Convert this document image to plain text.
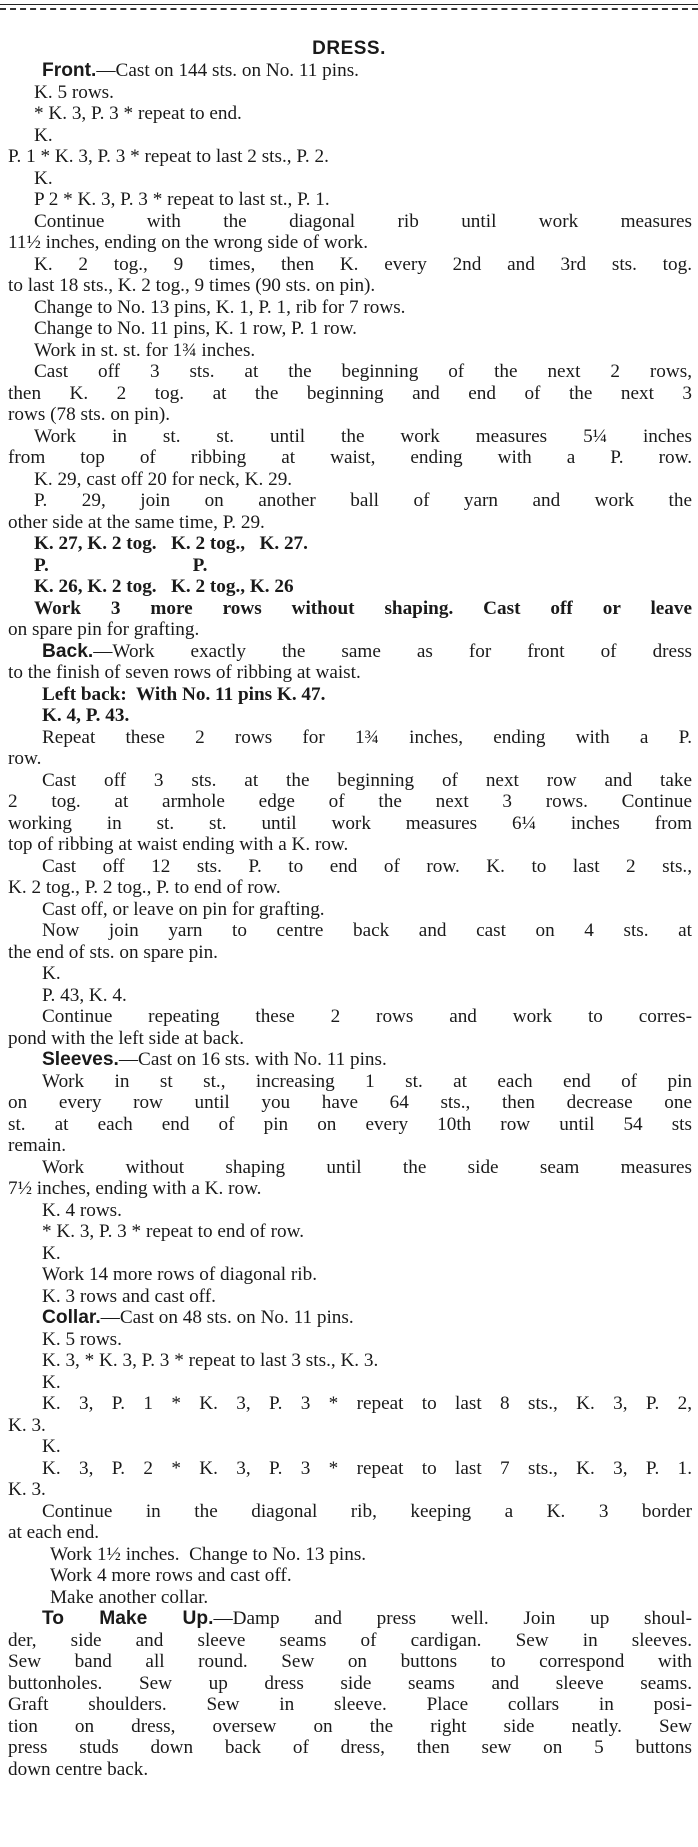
DRESS.
Front.—Cast on 144 sts. on No. 11 pins.
K. 5 rows.
* K. 3, P. 3 * repeat to end.
K.
P. 1 * K. 3, P. 3 * repeat to last 2 sts., P. 2.
K.
P 2 * K. 3, P. 3 * repeat to last st., P. 1.
Continue with the diagonal rib until work measures
11½ inches, ending on the wrong side of work.
K. 2 tog., 9 times, then K. every 2nd and 3rd sts. tog.
to last 18 sts., K. 2 tog., 9 times (90 sts. on pin).
Change to No. 13 pins, K. 1, P. 1, rib for 7 rows.
Change to No. 11 pins, K. 1 row, P. 1 row.
Work in st. st. for 1¾ inches.
Cast off 3 sts. at the beginning of the next 2 rows,
then K. 2 tog. at the beginning and end of the next 3
rows (78 sts. on pin).
Work in st. st. until the work measures 5¼ inches
from top of ribbing at waist, ending with a P. row.
K. 29, cast off 20 for neck, K. 29.
P. 29, join on another ball of yarn and work the
other side at the same time, P. 29.
K. 27, K. 2 tog.   K. 2 tog.,   K. 27.
P.                              P.
K. 26, K. 2 tog.   K. 2 tog., K. 26
Work 3 more rows without shaping. Cast off or leave
on spare pin for grafting.
Back.—Work exactly the same as for front of dress
to the finish of seven rows of ribbing at waist.
Left back:  With No. 11 pins K. 47.
K. 4, P. 43.
Repeat these 2 rows for 1¾ inches, ending with a P.
row.
Cast off 3 sts. at the beginning of next row and take
2 tog. at armhole edge of the next 3 rows. Continue
working in st. st. until work measures 6¼ inches from
top of ribbing at waist ending with a K. row.
Cast off 12 sts. P. to end of row. K. to last 2 sts.,
K. 2 tog., P. 2 tog., P. to end of row.
Cast off, or leave on pin for grafting.
Now join yarn to centre back and cast on 4 sts. at
the end of sts. on spare pin.
K.
P. 43, K. 4.
Continue repeating these 2 rows and work to corres-
pond with the left side at back.
Sleeves.—Cast on 16 sts. with No. 11 pins.
Work in st st., increasing 1 st. at each end of pin
on every row until you have 64 sts., then decrease one
st. at each end of pin on every 10th row until 54 sts
remain.
Work without shaping until the side seam measures
7½ inches, ending with a K. row.
K. 4 rows.
* K. 3, P. 3 * repeat to end of row.
K.
Work 14 more rows of diagonal rib.
K. 3 rows and cast off.
Collar.—Cast on 48 sts. on No. 11 pins.
K. 5 rows.
K. 3, * K. 3, P. 3 * repeat to last 3 sts., K. 3.
K.
K. 3, P. 1 * K. 3, P. 3 * repeat to last 8 sts., K. 3, P. 2,
K. 3.
K.
K. 3, P. 2 * K. 3, P. 3 * repeat to last 7 sts., K. 3, P. 1.
K. 3.
Continue in the diagonal rib, keeping a K. 3 border
at each end.
Work 1½ inches.  Change to No. 13 pins.
Work 4 more rows and cast off.
Make another collar.
To Make Up.—Damp and press well. Join up shoul-
der, side and sleeve seams of cardigan. Sew in sleeves.
Sew band all round. Sew on buttons to correspond with
buttonholes. Sew up dress side seams and sleeve seams.
Graft shoulders. Sew in sleeve. Place collars in posi-
tion on dress, oversew on the right side neatly. Sew
press studs down back of dress, then sew on 5 buttons
down centre back.
